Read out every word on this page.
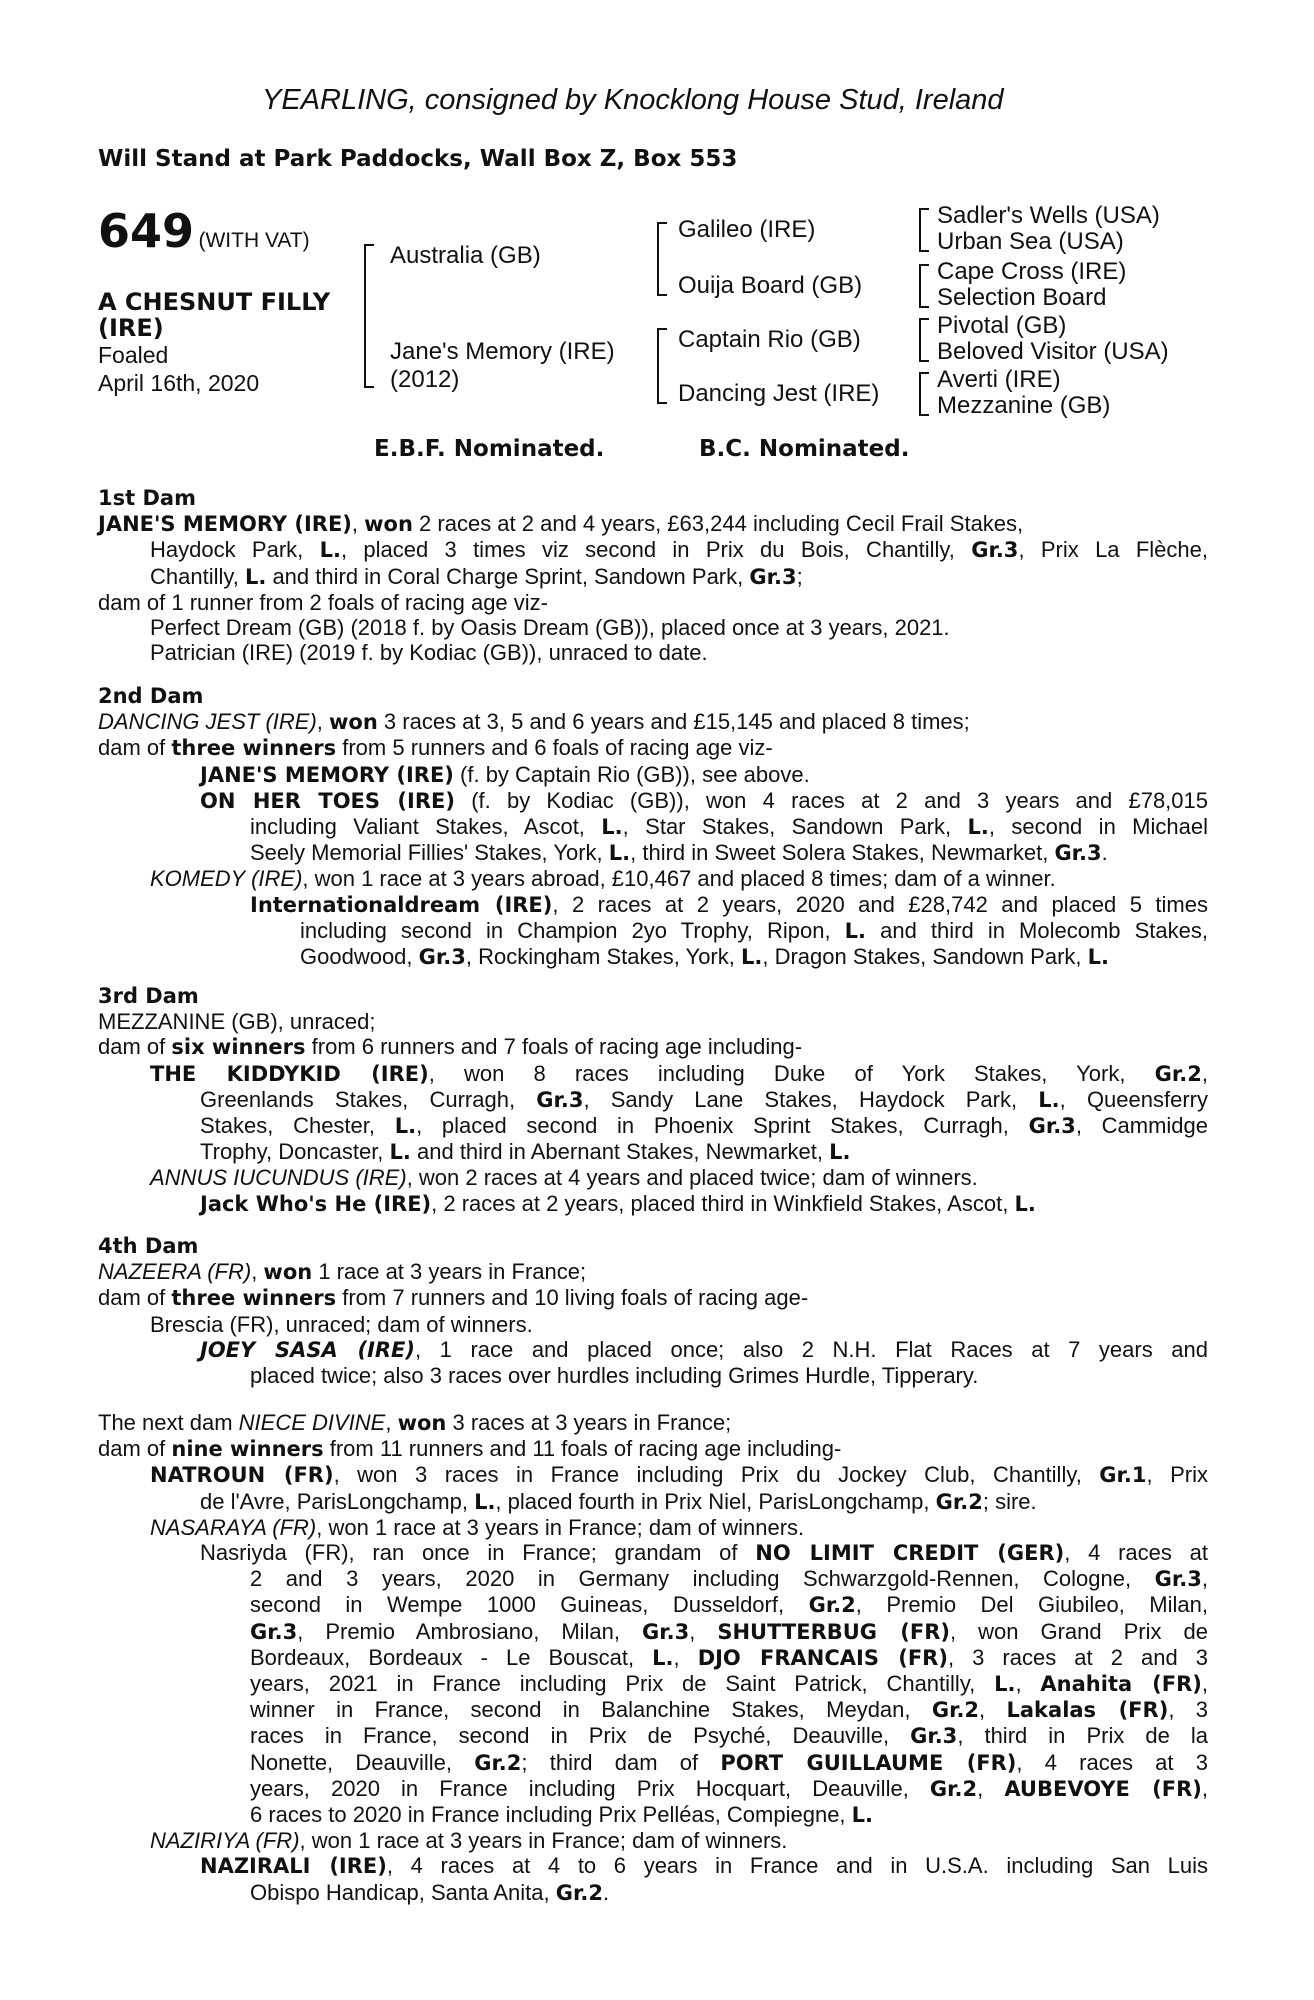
YEARLING, consigned by Knocklong House Stud, Ireland
Will Stand at Park Paddocks, Wall Box Z, Box 553
649 (WITH VAT)
A CHESNUT FILLY
(IRE)
Foaled
April 16th, 2020
Australia (GB)
Jane's Memory (IRE)
(2012)
Galileo (IRE)
Ouija Board (GB)
Captain Rio (GB)
Dancing Jest (IRE)
Sadler's Wells (USA)
Urban Sea (USA)
Cape Cross (IRE)
Selection Board
Pivotal (GB)
Beloved Visitor (USA)
Averti (IRE)
Mezzanine (GB)
E.B.F. Nominated.	B.C. Nominated.
1st Dam
JANE'S MEMORY (IRE), won 2 races at 2 and 4 years, £63,244 including Cecil Frail Stakes,
Haydock Park, L., placed 3 times viz second in Prix du Bois, Chantilly, Gr.3, Prix La Flèche,
Chantilly, L. and third in Coral Charge Sprint, Sandown Park, Gr.3;
dam of 1 runner from 2 foals of racing age viz-
Perfect Dream (GB) (2018 f. by Oasis Dream (GB)), placed once at 3 years, 2021.
Patrician (IRE) (2019 f. by Kodiac (GB)), unraced to date.
2nd Dam
DANCING JEST (IRE), won 3 races at 3, 5 and 6 years and £15,145 and placed 8 times;
dam of three winners from 5 runners and 6 foals of racing age viz-
JANE'S MEMORY (IRE) (f. by Captain Rio (GB)), see above.
ON HER TOES (IRE) (f. by Kodiac (GB)), won 4 races at 2 and 3 years and £78,015
including Valiant Stakes, Ascot, L., Star Stakes, Sandown Park, L., second in Michael
Seely Memorial Fillies' Stakes, York, L., third in Sweet Solera Stakes, Newmarket, Gr.3.
KOMEDY (IRE), won 1 race at 3 years abroad, £10,467 and placed 8 times; dam of a winner.
Internationaldream (IRE), 2 races at 2 years, 2020 and £28,742 and placed 5 times
including second in Champion 2yo Trophy, Ripon, L. and third in Molecomb Stakes,
Goodwood, Gr.3, Rockingham Stakes, York, L., Dragon Stakes, Sandown Park, L.
3rd Dam
MEZZANINE (GB), unraced;
dam of six winners from 6 runners and 7 foals of racing age including-
THE KIDDYKID (IRE), won 8 races including Duke of York Stakes, York, Gr.2,
Greenlands Stakes, Curragh, Gr.3, Sandy Lane Stakes, Haydock Park, L., Queensferry
Stakes, Chester, L., placed second in Phoenix Sprint Stakes, Curragh, Gr.3, Cammidge
Trophy, Doncaster, L. and third in Abernant Stakes, Newmarket, L.
ANNUS IUCUNDUS (IRE), won 2 races at 4 years and placed twice; dam of winners.
Jack Who's He (IRE), 2 races at 2 years, placed third in Winkfield Stakes, Ascot, L.
4th Dam
NAZEERA (FR), won 1 race at 3 years in France;
dam of three winners from 7 runners and 10 living foals of racing age-
Brescia (FR), unraced; dam of winners.
JOEY SASA (IRE), 1 race and placed once; also 2 N.H. Flat Races at 7 years and
placed twice; also 3 races over hurdles including Grimes Hurdle, Tipperary.
The next dam NIECE DIVINE, won 3 races at 3 years in France;
dam of nine winners from 11 runners and 11 foals of racing age including-
NATROUN (FR), won 3 races in France including Prix du Jockey Club, Chantilly, Gr.1, Prix
de l'Avre, ParisLongchamp, L., placed fourth in Prix Niel, ParisLongchamp, Gr.2; sire.
NASARAYA (FR), won 1 race at 3 years in France; dam of winners.
Nasriyda (FR), ran once in France; grandam of NO LIMIT CREDIT (GER), 4 races at
2 and 3 years, 2020 in Germany including Schwarzgold-Rennen, Cologne, Gr.3,
second in Wempe 1000 Guineas, Dusseldorf, Gr.2, Premio Del Giubileo, Milan,
Gr.3, Premio Ambrosiano, Milan, Gr.3, SHUTTERBUG (FR), won Grand Prix de
Bordeaux, Bordeaux - Le Bouscat, L., DJO FRANCAIS (FR), 3 races at 2 and 3
years, 2021 in France including Prix de Saint Patrick, Chantilly, L., Anahita (FR),
winner in France, second in Balanchine Stakes, Meydan, Gr.2, Lakalas (FR), 3
races in France, second in Prix de Psyché, Deauville, Gr.3, third in Prix de la
Nonette, Deauville, Gr.2; third dam of PORT GUILLAUME (FR), 4 races at 3
years, 2020 in France including Prix Hocquart, Deauville, Gr.2, AUBEVOYE (FR),
6 races to 2020 in France including Prix Pelléas, Compiegne, L.
NAZIRIYA (FR), won 1 race at 3 years in France; dam of winners.
NAZIRALI (IRE), 4 races at 4 to 6 years in France and in U.S.A. including San Luis
Obispo Handicap, Santa Anita, Gr.2.
